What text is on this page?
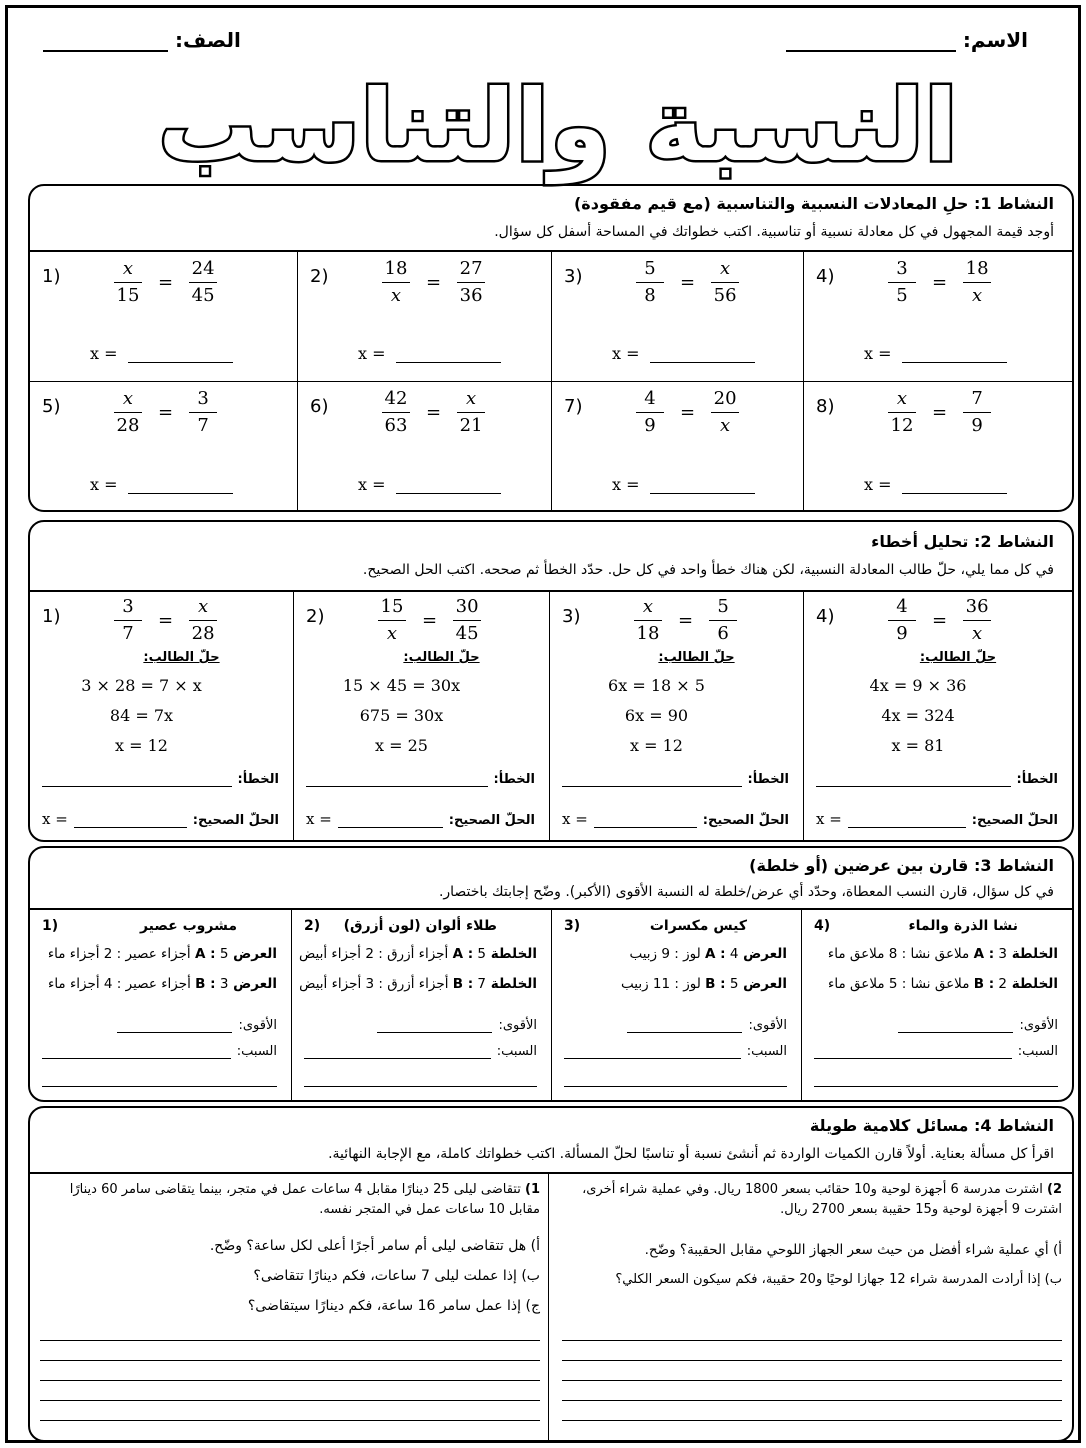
الاسم:
الصف:
النسبة والتناسب
النشاط 1: حلِ المعادلات النسبية والتناسبية (مع قيم مفقودة)
أوجد قيمة المجهول في كل معادلة نسبية أو تناسبية. اكتب خطواتك في المساحة أسفل كل سؤال.
1)	$\frac{x}{15} = \frac{24}{45}$
x =
2)	$\frac{18}{x} = \frac{27}{36}$
x =
3)	$\frac{5}{8} = \frac{x}{56}$
x =
4)	$\frac{3}{5} = \frac{18}{x}$
x =
5)	$\frac{x}{28} = \frac{3}{7}$
x =
6)	$\frac{42}{63} = \frac{x}{21}$
x =
7)	$\frac{4}{9} = \frac{20}{x}$
x =
8)	$\frac{x}{12} = \frac{7}{9}$
x =
النشاط 2: تحليل أخطاء
في كل مما يلي، حلّ طالب المعادلة النسبية، لكن هناك خطأ واحد في كل حل. حدّد الخطأ ثم صححه. اكتب الحل الصحيح.
1)	$\frac{3}{7} = \frac{x}{28}$
حلّ الطالب:
3 × 28 = 7 × x
84 = 7x
x = 12
الخطأ:
الحلّ الصحيح:
x =
2)	$\frac{15}{x} = \frac{30}{45}$
حلّ الطالب:
15 × 45 = 30x
675 = 30x
x = 25
الخطأ:
الحلّ الصحيح:
x =
3)	$\frac{x}{18} = \frac{5}{6}$
حلّ الطالب:
6x = 18 × 5
6x = 90
x = 12
الخطأ:
الحلّ الصحيح:
x =
4)	$\frac{4}{9} = \frac{36}{x}$
حلّ الطالب:
4x = 9 × 36
4x = 324
x = 81
الخطأ:
الحلّ الصحيح:
x =
النشاط 3: قارن بين عرضين (أو خلطة)
في كل سؤال، قارن النسب المعطاة، وحدّد أي عرض/خلطة له النسبة الأقوى (الأكبر). وضّح إجابتك باختصار.
مشروب عصير
1)
العرض A : 5 أجزاء عصير : 2 أجزاء ماء
العرض B : 3 أجزاء عصير : 4 أجزاء ماء
الأقوى:
السبب:
طلاء ألوان (لون أزرق)
2)
الخلطة A : 5 أجزاء أزرق : 2 أجزاء أبيض
الخلطة B : 7 أجزاء أزرق : 3 أجزاء أبيض
الأقوى:
السبب:
كيس مكسرات
3)
العرض A : 4 لوز : 9 زبيب
العرض B : 5 لوز : 11 زبيب
الأقوى:
السبب:
نشا الذرة والماء
4)
الخلطة A : 3 ملاعق نشا : 8 ملاعق ماء
الخلطة B : 2 ملاعق نشا : 5 ملاعق ماء
الأقوى:
السبب:
النشاط 4: مسائل كلامية طويلة
اقرأ كل مسألة بعناية. أولاً قارن الكميات الواردة ثم أنشئ نسبة أو تناسبًا لحلّ المسألة. اكتب خطواتك كاملة، مع الإجابة النهائية.
1) تتقاضى ليلى 25 دينارًا مقابل 4 ساعات عمل في متجر، بينما يتقاضى سامر 60 دينارًا مقابل 10 ساعات عمل في المتجر نفسه.
أ) هل تتقاضى ليلى أم سامر أجرًا أعلى لكل ساعة؟ وضّح.
ب) إذا عملت ليلى 7 ساعات، فكم دينارًا تتقاضى؟
ج) إذا عمل سامر 16 ساعة، فكم دينارًا سيتقاضى؟
2) اشترت مدرسة 6 أجهزة لوحية و10 حقائب بسعر 1800 ريال. وفي عملية شراء أخرى، اشترت 9 أجهزة لوحية و15 حقيبة بسعر 2700 ريال.
أ) أي عملية شراء أفضل من حيث سعر الجهاز اللوحي مقابل الحقيبة؟ وضّح.
ب) إذا أرادت المدرسة شراء 12 جهازا لوحيًا و20 حقيبة، فكم سيكون السعر الكلي؟
